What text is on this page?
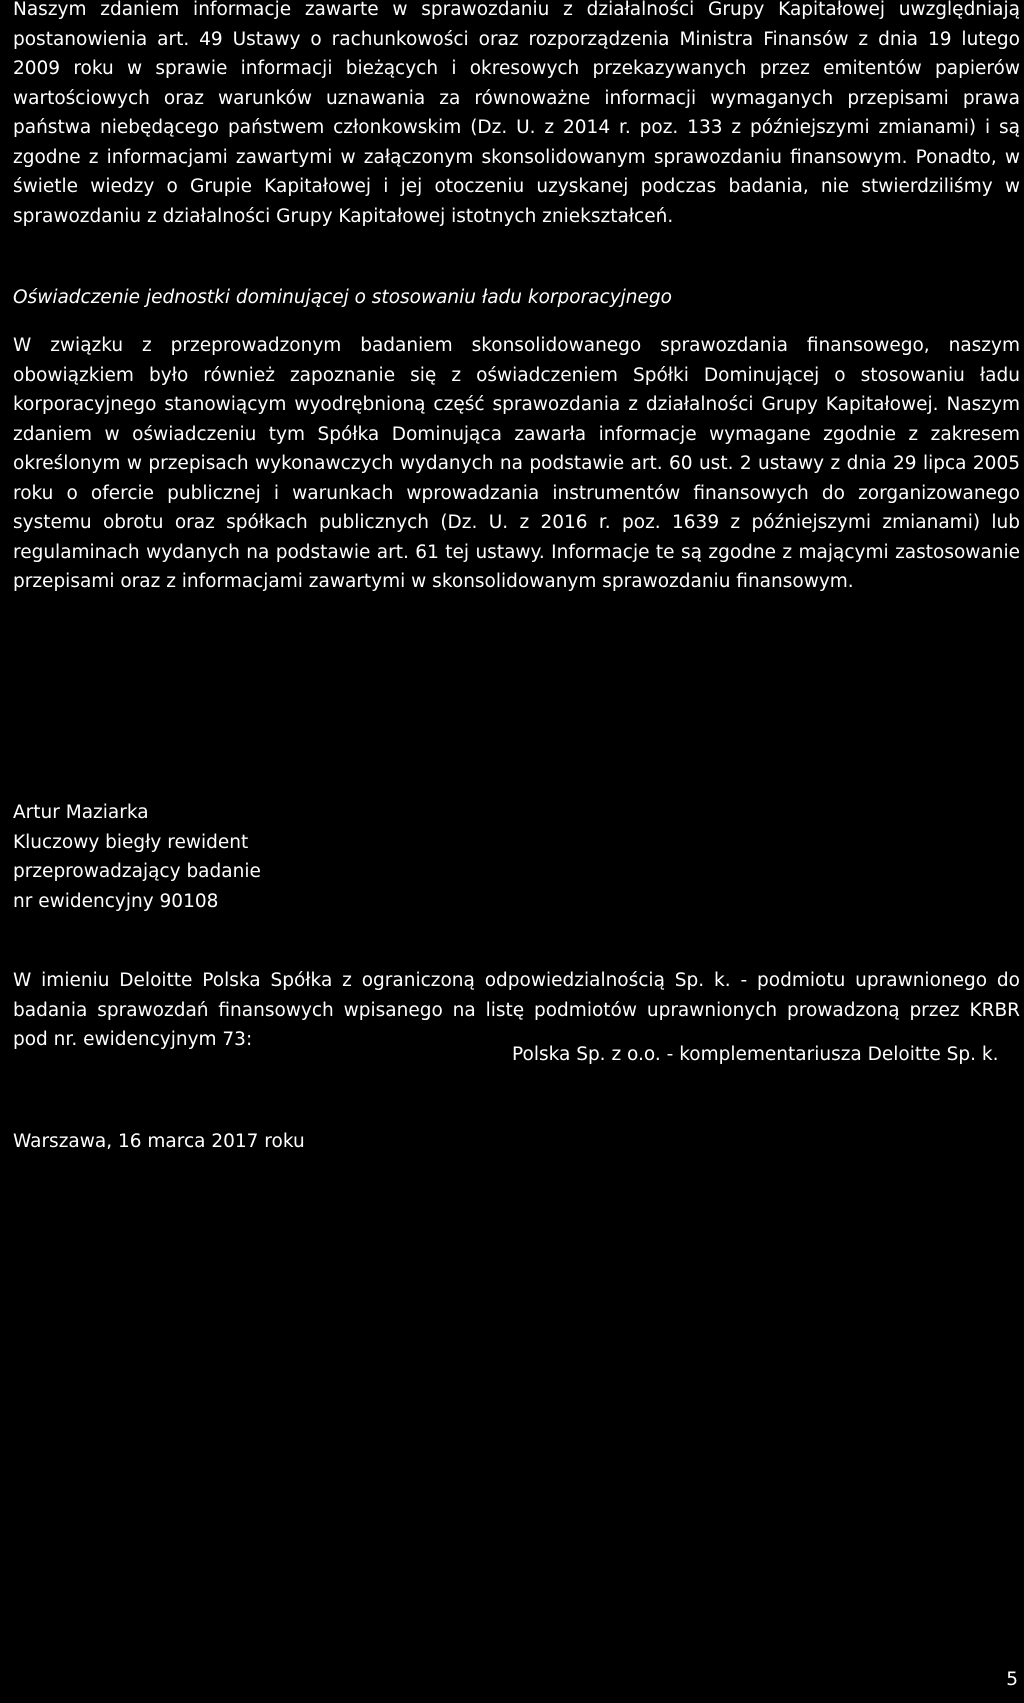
Naszym zdaniem informacje zawarte w sprawozdaniu z działalności Grupy Kapitałowej uwzględniają postanowienia art. 49 Ustawy o rachunkowości oraz rozporządzenia Ministra Finansów z dnia 19 lutego 2009 roku w sprawie informacji bieżących i okresowych przekazywanych przez emitentów papierów wartościowych oraz warunków uznawania za równoważne informacji wymaganych przepisami prawa państwa niebędącego państwem członkowskim (Dz. U. z 2014 r. poz. 133 z późniejszymi zmianami) i są zgodne z informacjami zawartymi w załączonym skonsolidowanym sprawozdaniu finansowym. Ponadto, w świetle wiedzy o Grupie Kapitałowej i jej otoczeniu uzyskanej podczas badania, nie stwierdziliśmy w sprawozdaniu z działalności Grupy Kapitałowej istotnych zniekształceń.

Oświadczenie jednostki dominującej o stosowaniu ładu korporacyjnego

W związku z przeprowadzonym badaniem skonsolidowanego sprawozdania finansowego, naszym obowiązkiem było również zapoznanie się z oświadczeniem Spółki Dominującej o stosowaniu ładu korporacyjnego stanowiącym wyodrębnioną część sprawozdania z działalności Grupy Kapitałowej. Naszym zdaniem w oświadczeniu tym Spółka Dominująca zawarła informacje wymagane zgodnie z zakresem określonym w przepisach wykonawczych wydanych na podstawie art. 60 ust. 2 ustawy z dnia 29 lipca 2005 roku o ofercie publicznej i warunkach wprowadzania instrumentów finansowych do zorganizowanego systemu obrotu oraz spółkach publicznych (Dz. U. z 2016 r. poz. 1639 z późniejszymi zmianami) lub regulaminach wydanych na podstawie art. 61 tej ustawy. Informacje te są zgodne z mającymi zastosowanie przepisami oraz z informacjami zawartymi w skonsolidowanym sprawozdaniu finansowym.

Artur Maziarka
Kluczowy biegły rewident
przeprowadzający badanie
nr ewidencyjny 90108

W imieniu Deloitte Polska Spółka z ograniczoną odpowiedzialnością Sp. k. - podmiotu uprawnionego do badania sprawozdań finansowych wpisanego na listę podmiotów uprawnionych prowadzoną przez KRBR pod nr. ewidencyjnym 73:

Polska Sp. z o.o. - komplementariusza Deloitte Sp. k.

Warszawa, 16 marca 2017 roku
5
